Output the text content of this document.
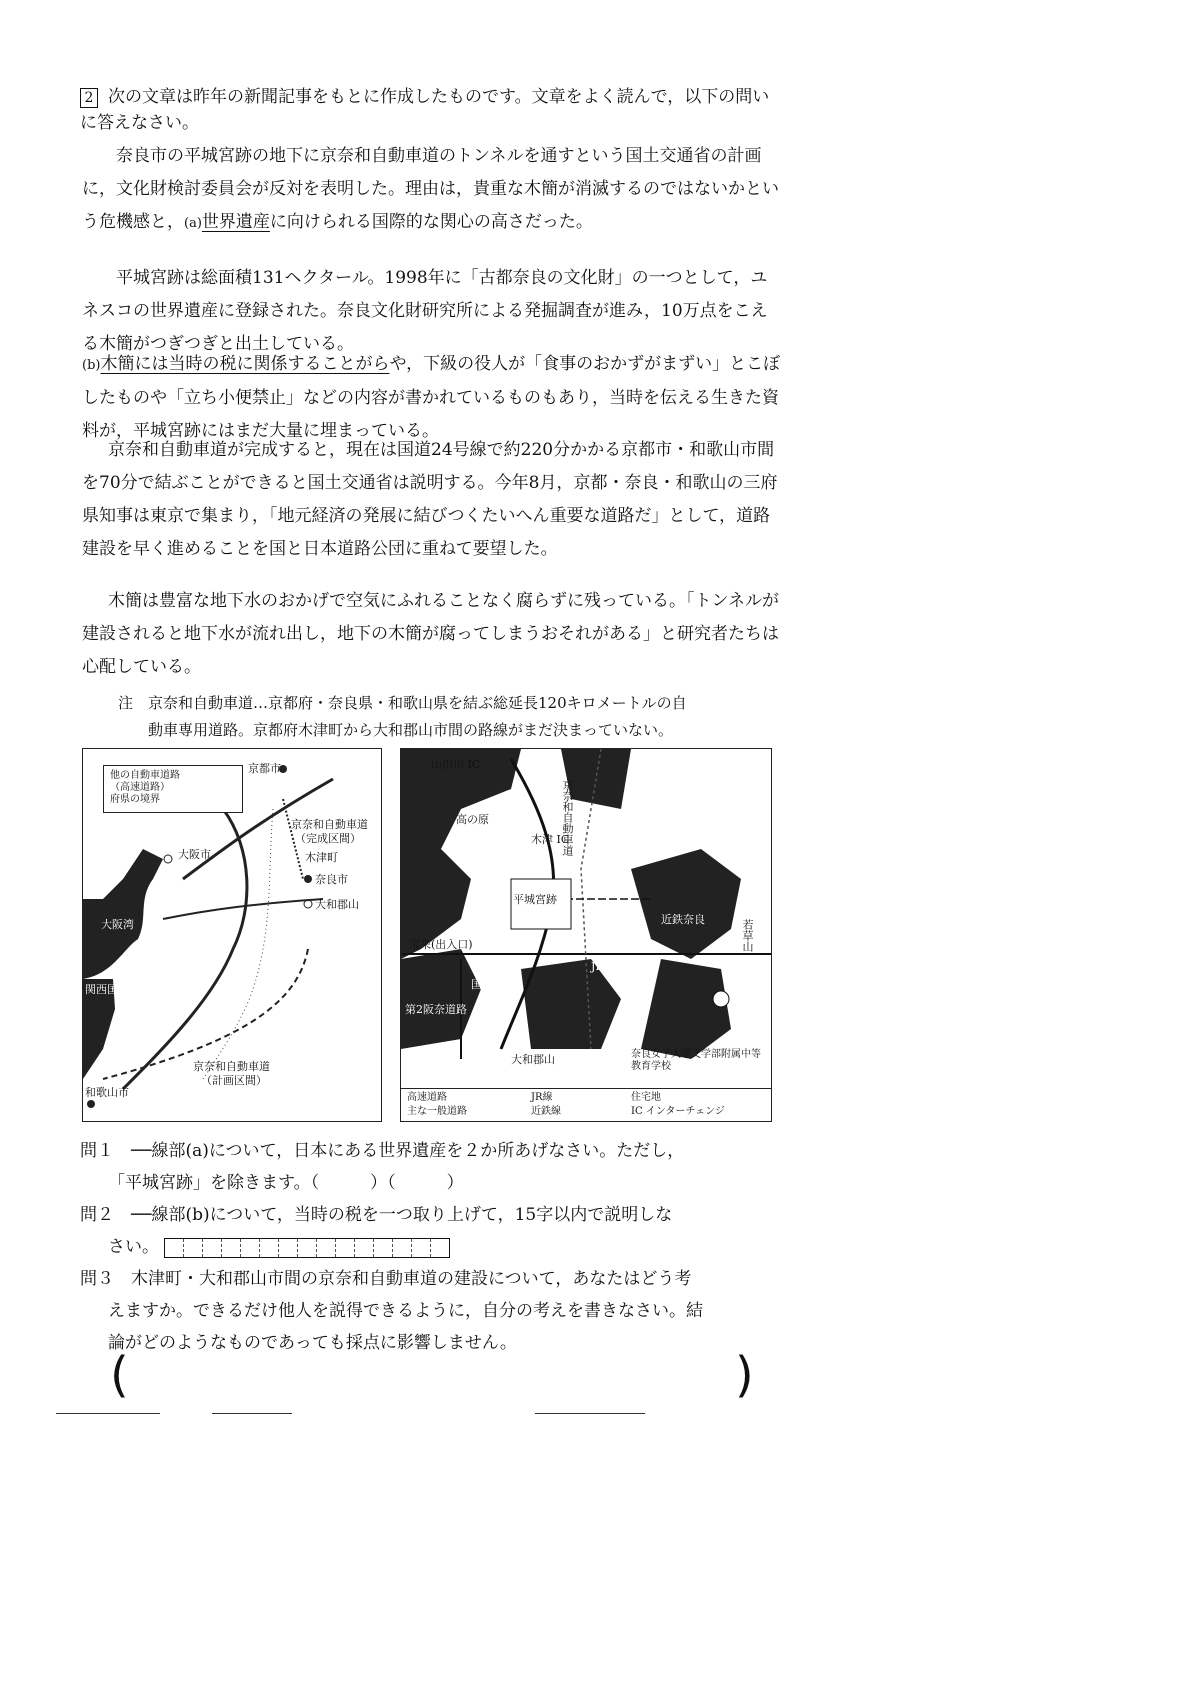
2 次の文章は昨年の新聞記事をもとに作成したものです。文章をよく読んで，以下の問いに答えなさい。
奈良市の平城宮跡の地下に京奈和自動車道のトンネルを通すという国土交通省の計画に，文化財検討委員会が反対を表明した。理由は，貴重な木簡が消滅するのではないかという危機感と，(a)世界遺産に向けられる国際的な関心の高さだった。
平城宮跡は総面積131ヘクタール。1998年に「古都奈良の文化財」の一つとして，ユネスコの世界遺産に登録された。奈良文化財研究所による発掘調査が進み，10万点をこえる木簡がつぎつぎと出土している。
(b)木簡には当時の税に関係することがらや，下級の役人が「食事のおかずがまずい」とこぼしたものや「立ち小便禁止」などの内容が書かれているものもあり，当時を伝える生きた資料が，平城宮跡にはまだ大量に埋まっている。
京奈和自動車道が完成すると，現在は国道24号線で約220分かかる京都市・和歌山市間を70分で結ぶことができると国土交通省は説明する。今年8月，京都・奈良・和歌山の三府県知事は東京で集まり，「地元経済の発展に結びつくたいへん重要な道路だ」として，道路建設を早く進めることを国と日本道路公団に重ねて要望した。
木簡は豊富な地下水のおかげで空気にふれることなく腐らずに残っている。「トンネルが建設されると地下水が流れ出し，地下の木簡が腐ってしまうおそれがある」と研究者たちは心配している。
注　京奈和自動車道…京都府・奈良県・和歌山県を結ぶ総延長120キロメートルの自
動車専用道路。京都府木津町から大和郡山市間の路線がまだ決まっていない。
他の自動車道路
（高速道路）
府県の境界
京都市
大阪市
大阪湾
関西国際空港
京奈和自動車道
（完成区間）
木津町
奈良市
大和郡山
京奈和自動車道
（計画区間）
和歌山市
山田川 IC
高の原
木津 IC
平城宮跡
西大寺
宝来(出入口)
JR奈良
国道24号
近鉄奈良
第2阪奈道路
大和郡山	奈良女子大学文学部附属中等教育学校
若草山
京奈和自動車道
高速道路	JR線	住宅地
主な一般道路	近鉄線	IC インターチェンジ
問１　 ──線部(a)について，日本にある世界遺産を２か所あげなさい。ただし，
「平城宮跡」を除きます。（　　　）（　　　）
問２　 ──線部(b)について，当時の税を一つ取り上げて，15字以内で説明しな
さい。
問３　 木津町・大和郡山市間の京奈和自動車道の建設について，あなたはどう考
えますか。できるだけ他人を説得できるように，自分の考えを書きなさい。結
論がどのようなものであっても採点に影響しません。
(	)
